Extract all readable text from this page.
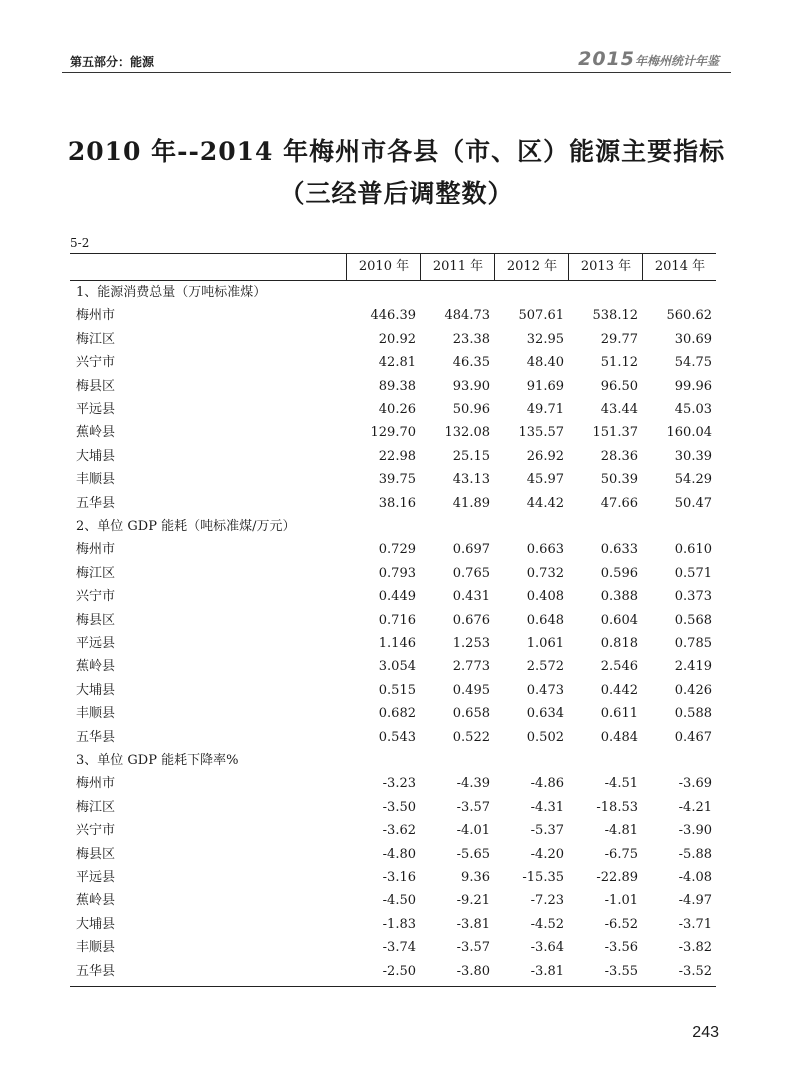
第五部分：能源	2015年梅州统计年鉴
2010 年--2014 年梅州市各县（市、区）能源主要指标
（三经普后调整数）
5-2
2010 年	2011 年	2012 年	2013 年	2014 年
1、能源消费总量（万吨标准煤）
梅州市	446.39	484.73	507.61	538.12	560.62
梅江区	20.92	23.38	32.95	29.77	30.69
兴宁市	42.81	46.35	48.40	51.12	54.75
梅县区	89.38	93.90	91.69	96.50	99.96
平远县	40.26	50.96	49.71	43.44	45.03
蕉岭县	129.70	132.08	135.57	151.37	160.04
大埔县	22.98	25.15	26.92	28.36	30.39
丰顺县	39.75	43.13	45.97	50.39	54.29
五华县	38.16	41.89	44.42	47.66	50.47
2、单位 GDP 能耗（吨标准煤/万元）
梅州市	0.729	0.697	0.663	0.633	0.610
梅江区	0.793	0.765	0.732	0.596	0.571
兴宁市	0.449	0.431	0.408	0.388	0.373
梅县区	0.716	0.676	0.648	0.604	0.568
平远县	1.146	1.253	1.061	0.818	0.785
蕉岭县	3.054	2.773	2.572	2.546	2.419
大埔县	0.515	0.495	0.473	0.442	0.426
丰顺县	0.682	0.658	0.634	0.611	0.588
五华县	0.543	0.522	0.502	0.484	0.467
3、单位 GDP 能耗下降率%
梅州市	-3.23	-4.39	-4.86	-4.51	-3.69
梅江区	-3.50	-3.57	-4.31	-18.53	-4.21
兴宁市	-3.62	-4.01	-5.37	-4.81	-3.90
梅县区	-4.80	-5.65	-4.20	-6.75	-5.88
平远县	-3.16	9.36	-15.35	-22.89	-4.08
蕉岭县	-4.50	-9.21	-7.23	-1.01	-4.97
大埔县	-1.83	-3.81	-4.52	-6.52	-3.71
丰顺县	-3.74	-3.57	-3.64	-3.56	-3.82
五华县	-2.50	-3.80	-3.81	-3.55	-3.52
243
